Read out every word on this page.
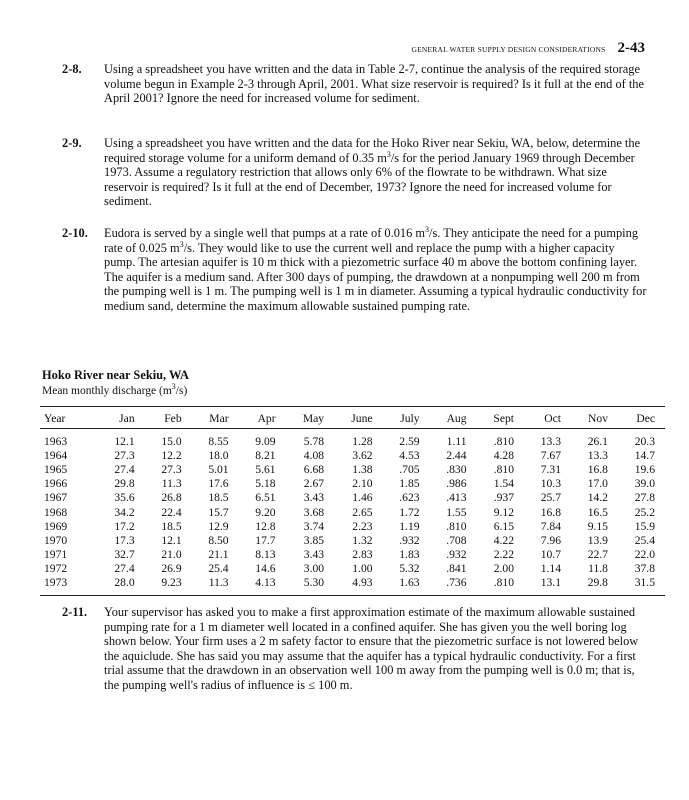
GENERAL WATER SUPPLY DESIGN CONSIDERATIONS 2-43
2-8. Using a spreadsheet you have written and the data in Table 2-7, continue the analysis of the required storage volume begun in Example 2-3 through April, 2001. What size reservoir is required? Is it full at the end of the April 2001? Ignore the need for increased volume for sediment.
2-9. Using a spreadsheet you have written and the data for the Hoko River near Sekiu, WA, below, determine the required storage volume for a uniform demand of 0.35 $m^3/s$ for the period January 1969 through December 1973. Assume a regulatory restriction that allows only 6% of the flowrate to be withdrawn. What size reservoir is required? Is it full at the end of December, 1973? Ignore the need for increased volume for sediment.
2-10. Eudora is served by a single well that pumps at a rate of 0.016 $m^3/s$. They anticipate the need for a pumping rate of 0.025 $m^3/s$. They would like to use the current well and replace the pump with a higher capacity pump. The artesian aquifer is 10 m thick with a piezometric surface 40 m above the bottom confining layer. The aquifer is a medium sand. After 300 days of pumping, the drawdown at a nonpumping well 200 m from the pumping well is 1 m. The pumping well is 1 m in diameter. Assuming a typical hydraulic conductivity for medium sand, determine the maximum allowable sustained pumping rate.
Hoko River near Sekiu, WA
Mean monthly discharge $(m^3/s)$
Year	Jan	Feb	Mar	Apr	May	June	July	Aug	Sept	Oct	Nov	Dec
1963	12.1	15.0	8.55	9.09	5.78	1.28	2.59	1.11	.810	13.3	26.1	20.3
1964	27.3	12.2	18.0	8.21	4.08	3.62	4.53	2.44	4.28	7.67	13.3	14.7
1965	27.4	27.3	5.01	5.61	6.68	1.38	.705	.830	.810	7.31	16.8	19.6
1966	29.8	11.3	17.6	5.18	2.67	2.10	1.85	.986	1.54	10.3	17.0	39.0
1967	35.6	26.8	18.5	6.51	3.43	1.46	.623	.413	.937	25.7	14.2	27.8
1968	34.2	22.4	15.7	9.20	3.68	2.65	1.72	1.55	9.12	16.8	16.5	25.2
1969	17.2	18.5	12.9	12.8	3.74	2.23	1.19	.810	6.15	7.84	9.15	15.9
1970	17.3	12.1	8.50	17.7	3.85	1.32	.932	.708	4.22	7.96	13.9	25.4
1971	32.7	21.0	21.1	8.13	3.43	2.83	1.83	.932	2.22	10.7	22.7	22.0
1972	27.4	26.9	25.4	14.6	3.00	1.00	5.32	.841	2.00	1.14	11.8	37.8
1973	28.0	9.23	11.3	4.13	5.30	4.93	1.63	.736	.810	13.1	29.8	31.5
2-11. Your supervisor has asked you to make a first approximation estimate of the maximum allowable sustained pumping rate for a 1 m diameter well located in a confined aquifer. She has given you the well boring log shown below. Your firm uses a 2 m safety factor to ensure that the piezometric surface is not lowered below the aquiclude. She has said you may assume that the aquifer has a typical hydraulic conductivity. For a first trial assume that the drawdown in an observation well 100 m away from the pumping well is 0.0 m; that is, the pumping well's radius of influence is ≤ 100 m.
